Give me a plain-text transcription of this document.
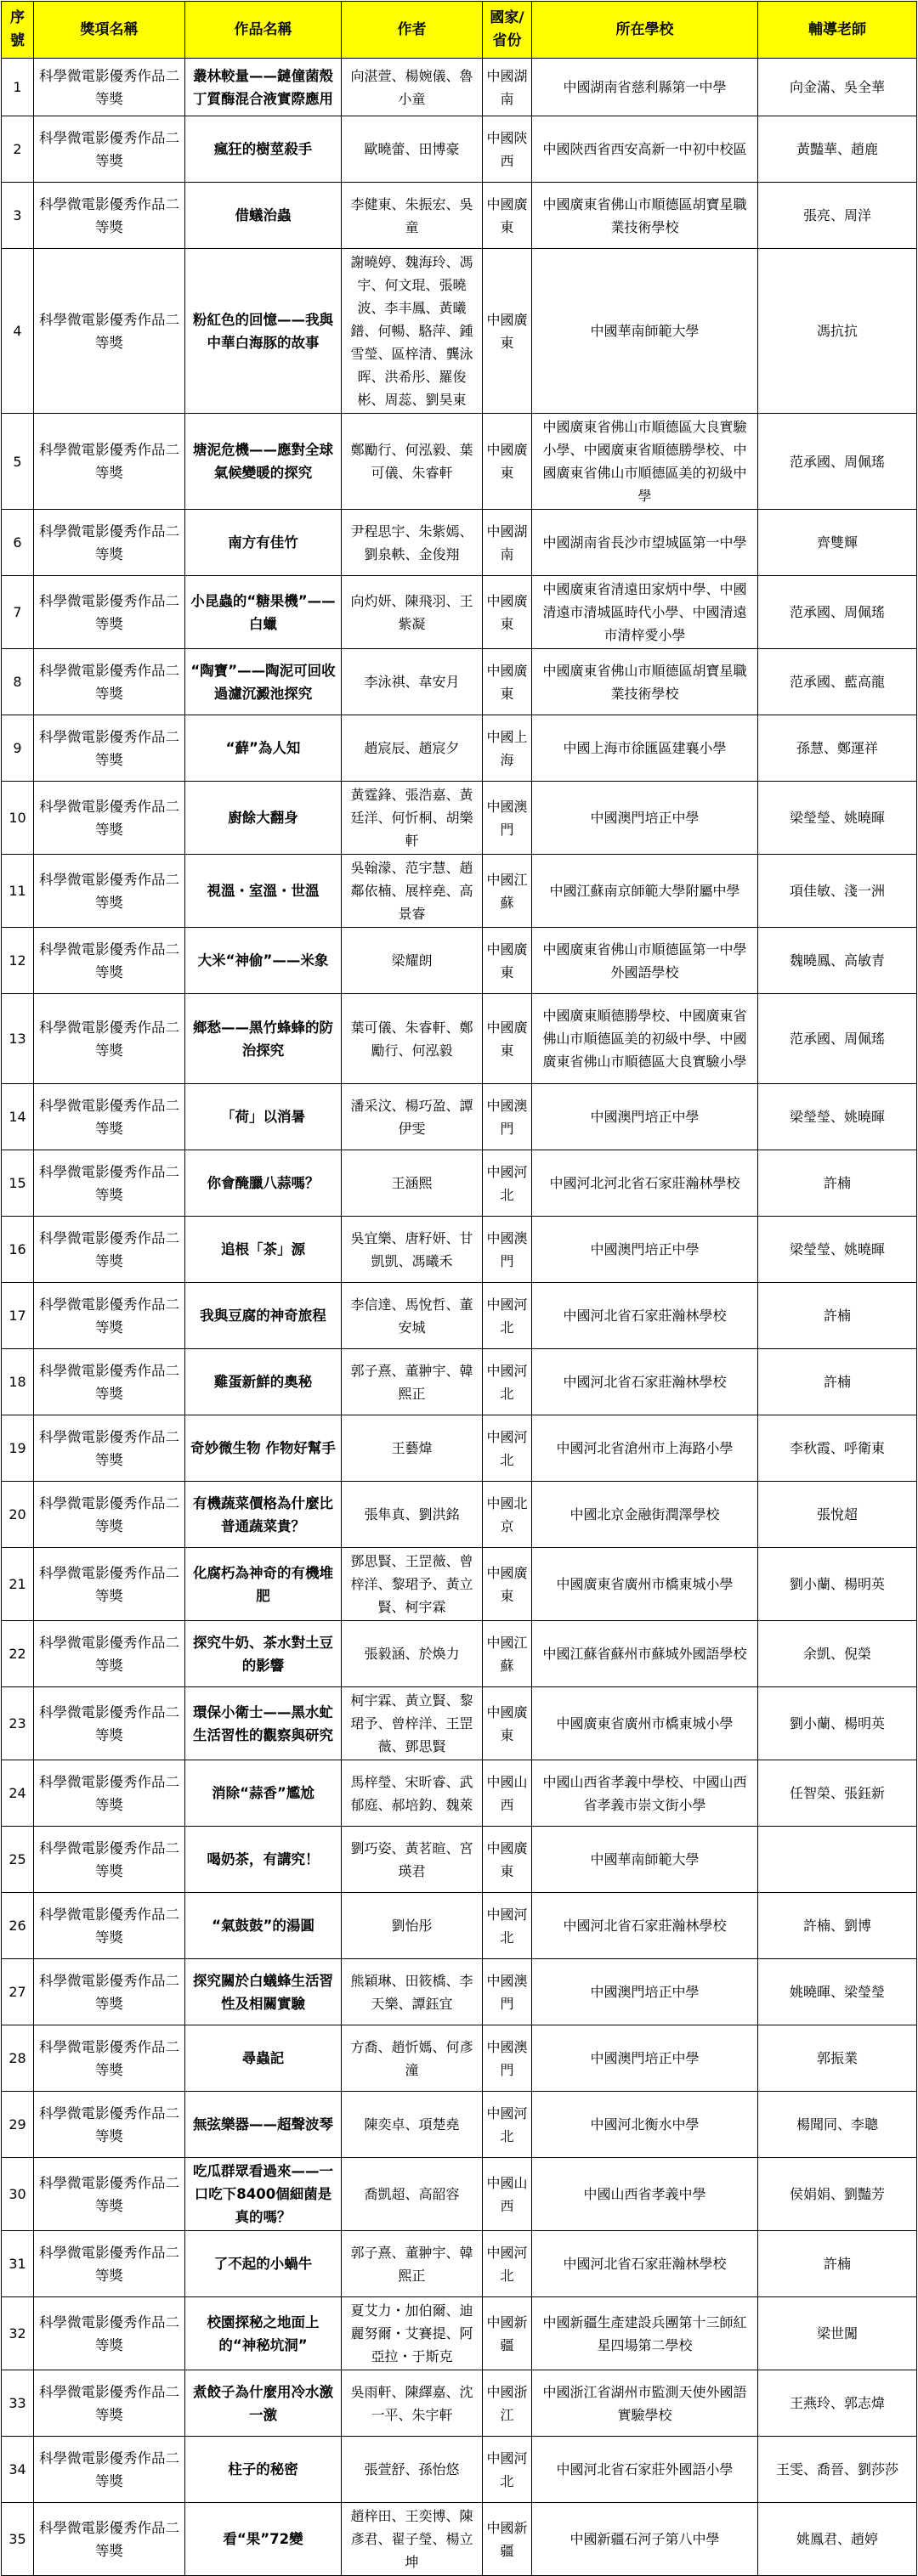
序號	獎項名稱	作品名稱	作者	國家/省份	所在學校	輔導老師
1	科學微電影優秀作品二等獎	叢林較量——鏈僮菌殼丁質酶混合液實際應用	向湛萱、楊婉儀、魯小童	中國湖南	中國湖南省慈利縣第一中學	向金滿、吳全華
2	科學微電影優秀作品二等獎	瘋狂的樹莖殺手	歐曉蕾、田博豪	中國陝西	中國陝西省西安高新一中初中校區	黃豔華、趙鹿
3	科學微電影優秀作品二等獎	借蟻治蟲	李健東、朱振宏、吳童	中國廣東	中國廣東省佛山市順德區胡寶星職業技術學校	張亮、周洋
4	科學微電影優秀作品二等獎	粉紅色的回憶——我與中華白海豚的故事	謝曉婷、魏海玲、馮宇、何文琨、張曉波、李丰鳳、黃曦鐠、何暢、駱萍、鍾雪瑩、區梓清、龔泳晖、洪希彤、羅俊彬、周蕊、劉昊東	中國廣東	中國華南師範大學	馮抗抗
5	科學微電影優秀作品二等獎	塘泥危機——應對全球氣候變暖的探究	鄭勵行、何泓毅、葉可儀、朱睿軒	中國廣東	中國廣東省佛山市順德區大良實驗小學、中國廣東省順德勝學校、中國廣東省佛山市順德區美的初級中學	范承國、周佩瑤
6	科學微電影優秀作品二等獎	南方有佳竹	尹程思宇、朱紫嫣、劉泉軼、金俊翔	中國湖南	中國湖南省長沙市望城區第一中學	齊雙輝
7	科學微電影優秀作品二等獎	小昆蟲的“糖果機”——白蠟	向灼妍、陳飛羽、王紫凝	中國廣東	中國廣東省清遠田家炳中學、中國清遠市清城區時代小學、中國清遠市清梓愛小學	范承國、周佩瑤
8	科學微電影優秀作品二等獎	“陶寶”——陶泥可回收過濾沉澱池探究	李泳祺、韋安月	中國廣東	中國廣東省佛山市順德區胡寶星職業技術學校	范承國、藍高龍
9	科學微電影優秀作品二等獎	“蘚”為人知	趙宸辰、趙宸夕	中國上海	中國上海市徐匯區建襄小學	孫慧、鄭運祥
10	科學微電影優秀作品二等獎	廚餘大翻身	黃霆鋒、張浩嘉、黃廷洋、何忻桐、胡樂軒	中國澳門	中國澳門培正中學	梁瑩瑩、姚曉暉
11	科學微電影優秀作品二等獎	視溫・室溫・世溫	吳翰濛、范宇慧、趙鄰依楠、展梓堯、高景睿	中國江蘇	中國江蘇南京師範大學附屬中學	項佳敏、淺一洲
12	科學微電影優秀作品二等獎	大米“神偷”——米象	梁耀朗	中國廣東	中國廣東省佛山市順德區第一中學外國語學校	魏曉鳳、高敏青
13	科學微電影優秀作品二等獎	鄉愁——黑竹蜂蜂的防治探究	葉可儀、朱睿軒、鄭勵行、何泓毅	中國廣東	中國廣東順德勝學校、中國廣東省佛山市順德區美的初級中學、中國廣東省佛山市順德區大良實驗小學	范承國、周佩瑤
14	科學微電影優秀作品二等獎	「荷」以消暑	潘采汶、楊巧盈、譚伊雯	中國澳門	中國澳門培正中學	梁瑩瑩、姚曉暉
15	科學微電影優秀作品二等獎	你會醃臘八蒜嗎？	王涵熙	中國河北	中國河北河北省石家莊瀚林學校	許楠
16	科學微電影優秀作品二等獎	追根「茶」源	吳宜樂、唐籽妍、甘凱凱、馮曦禾	中國澳門	中國澳門培正中學	梁瑩瑩、姚曉暉
17	科學微電影優秀作品二等獎	我與豆腐的神奇旅程	李信達、馬悅哲、董安城	中國河北	中國河北省石家莊瀚林學校	許楠
18	科學微電影優秀作品二等獎	雞蛋新鮮的奧秘	郭子熹、董翀宇、韓熙正	中國河北	中國河北省石家莊瀚林學校	許楠
19	科學微電影優秀作品二等獎	奇妙微生物 作物好幫手	王藝煒	中國河北	中國河北省滄州市上海路小學	李秋霞、呼衛東
20	科學微電影優秀作品二等獎	有機蔬菜價格為什麼比普通蔬菜貴？	張隼真、劉洪銘	中國北京	中國北京金融街潤澤學校	張悅超
21	科學微電影優秀作品二等獎	化腐朽為神奇的有機堆肥	鄧思賢、王罡薇、曾梓洋、黎珺予、黃立賢、柯宇霖	中國廣東	中國廣東省廣州市橋東城小學	劉小蘭、楊明英
22	科學微電影優秀作品二等獎	探究牛奶、茶水對土豆的影響	張毅涵、於煥力	中國江蘇	中國江蘇省蘇州市蘇城外國語學校	余凱、倪榮
23	科學微電影優秀作品二等獎	環保小衛士——黑水虻生活習性的觀察與研究	柯宇霖、黃立賢、黎珺予、曾梓洋、王罡薇、鄧思賢	中國廣東	中國廣東省廣州市橋東城小學	劉小蘭、楊明英
24	科學微電影優秀作品二等獎	消除“蒜香”尷尬	馬梓瑩、宋昕睿、武郁庭、郝培鈞、魏萊	中國山西	中國山西省孝義中學校、中國山西省孝義市崇文街小學	任智榮、張鈺新
25	科學微電影優秀作品二等獎	喝奶茶，有講究！	劉巧姿、黃茗暄、宮瑛君	中國廣東	中國華南師範大學	
26	科學微電影優秀作品二等獎	“氣鼓鼓”的湯圓	劉怡彤	中國河北	中國河北省石家莊瀚林學校	許楠、劉博
27	科學微電影優秀作品二等獎	探究關於白蟻蜂生活習性及相關實驗	熊穎琳、田筱橋、李天樂、譚鈺宜	中國澳門	中國澳門培正中學	姚曉暉、梁瑩瑩
28	科學微電影優秀作品二等獎	尋蟲記	方喬、趙忻媽、何彥潼	中國澳門	中國澳門培正中學	郭振業
29	科學微電影優秀作品二等獎	無弦樂器——超聲波琴	陳奕卓、項楚堯	中國河北	中國河北衡水中學	楊聞同、李聰
30	科學微電影優秀作品二等獎	吃瓜群眾看過來——一口吃下8400個細菌是真的嗎？	喬凱超、高韶容	中國山西	中國山西省孝義中學	侯娟娟、劉豔芳
31	科學微電影優秀作品二等獎	了不起的小蝸牛	郭子熹、董翀宇、韓熙正	中國河北	中國河北省石家莊瀚林學校	許楠
32	科學微電影優秀作品二等獎	校園探秘之地面上的“神秘坑洞”	夏艾力・加伯爾、迪麗努爾・艾賽提、阿亞拉・于斯克	中國新疆	中國新疆生產建設兵團第十三師紅星四場第二學校	梁世闖
33	科學微電影優秀作品二等獎	煮餃子為什麼用冷水激一激	吳雨軒、陳繹嘉、沈一平、朱宇軒	中國浙江	中國浙江省湖州市監測天使外國語實驗學校	王燕玲、郭志煒
34	科學微電影優秀作品二等獎	柱子的秘密	張萱舒、孫怡悠	中國河北	中國河北省石家莊外國語小學	王雯、喬晉、劉莎莎
35	科學微電影優秀作品二等獎	看“果”72變	趙梓田、王奕博、陳彥君、翟子瑩、楊立坤	中國新疆	中國新疆石河子第八中學	姚鳳君、趙婷
